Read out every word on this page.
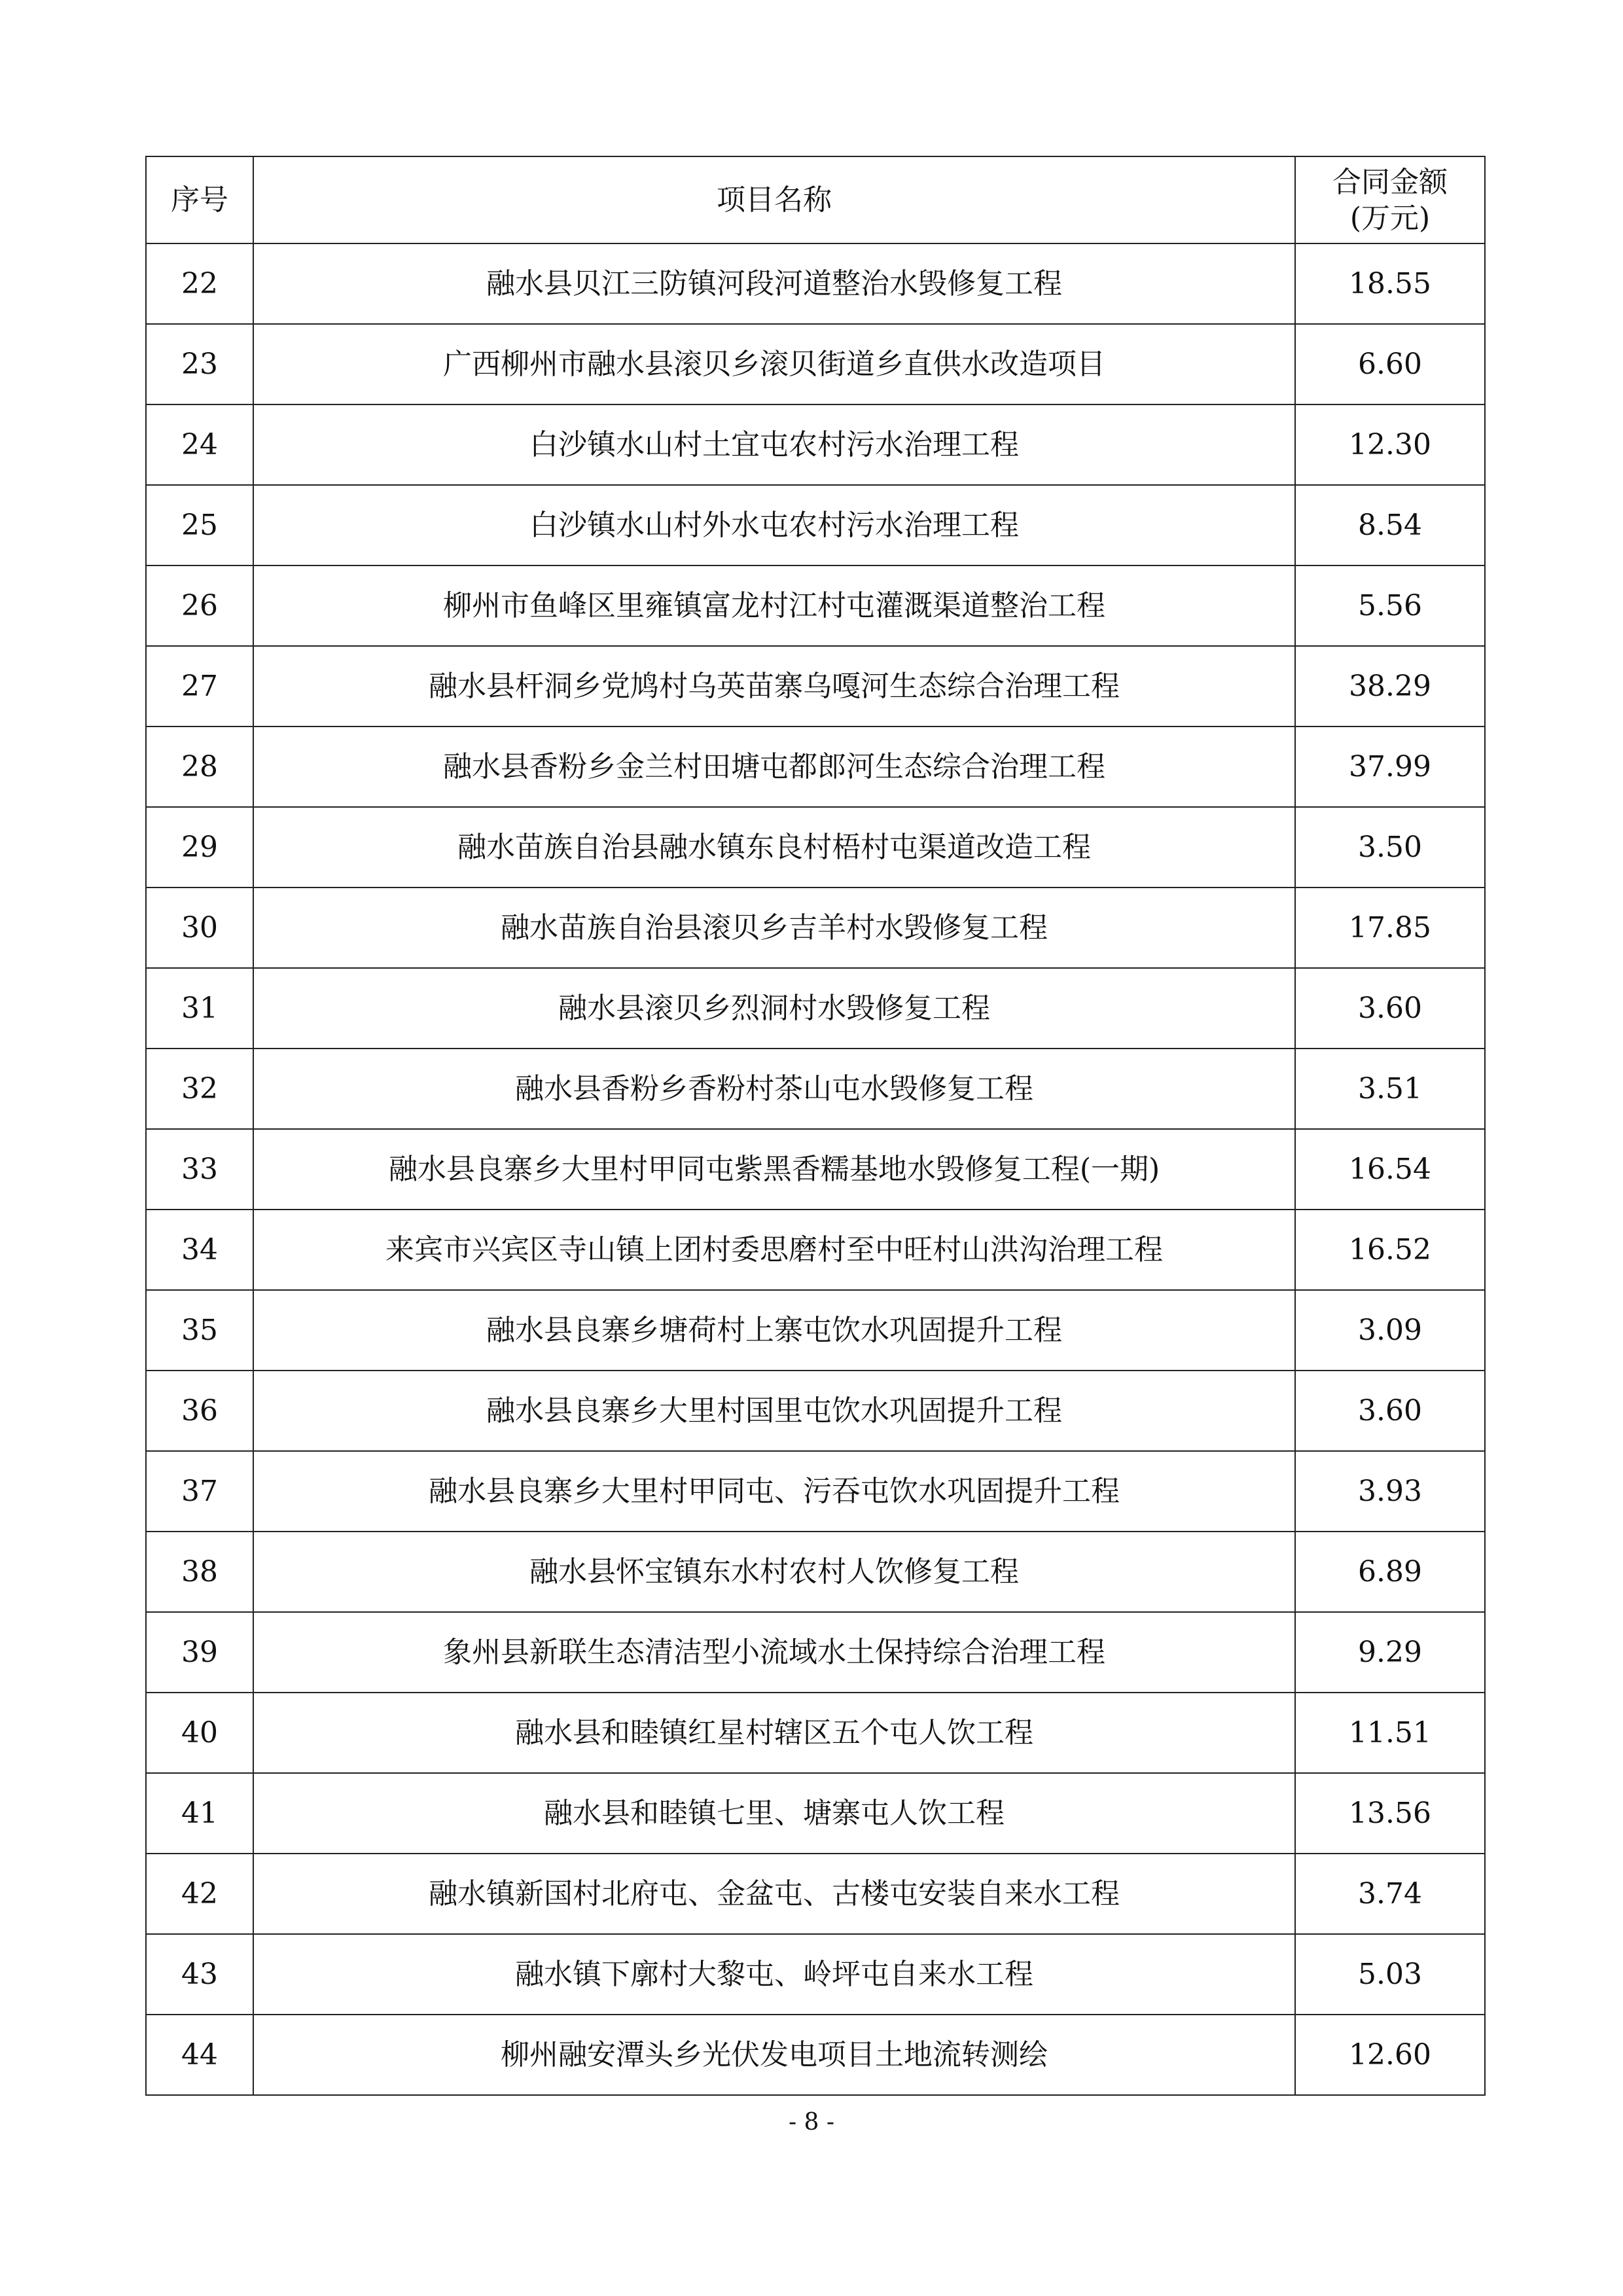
序号	项目名称	合同金额
(万元)

22	融水县贝江三防镇河段河道整治水毁修复工程	18.55
23	广西柳州市融水县滚贝乡滚贝街道乡直供水改造项目	6.60
24	白沙镇水山村土宜屯农村污水治理工程	12.30
25	白沙镇水山村外水屯农村污水治理工程	8.54
26	柳州市鱼峰区里雍镇富龙村江村屯灌溉渠道整治工程	5.56
27	融水县杆洞乡党鸠村乌英苗寨乌嘎河生态综合治理工程	38.29
28	融水县香粉乡金兰村田塘屯都郎河生态综合治理工程	37.99
29	融水苗族自治县融水镇东良村梧村屯渠道改造工程	3.50
30	融水苗族自治县滚贝乡吉羊村水毁修复工程	17.85
31	融水县滚贝乡烈洞村水毁修复工程	3.60
32	融水县香粉乡香粉村茶山屯水毁修复工程	3.51
33	融水县良寨乡大里村甲同屯紫黑香糯基地水毁修复工程(一期)	16.54
34	来宾市兴宾区寺山镇上团村委思磨村至中旺村山洪沟治理工程	16.52
35	融水县良寨乡塘荷村上寨屯饮水巩固提升工程	3.09
36	融水县良寨乡大里村国里屯饮水巩固提升工程	3.60
37	融水县良寨乡大里村甲同屯、污吞屯饮水巩固提升工程	3.93
38	融水县怀宝镇东水村农村人饮修复工程	6.89
39	象州县新联生态清洁型小流域水土保持综合治理工程	9.29
40	融水县和睦镇红星村辖区五个屯人饮工程	11.51
41	融水县和睦镇七里、塘寨屯人饮工程	13.56
42	融水镇新国村北府屯、金盆屯、古楼屯安装自来水工程	3.74
43	融水镇下廓村大黎屯、岭坪屯自来水工程	5.03
44	柳州融安潭头乡光伏发电项目土地流转测绘	12.60
- 8 -
